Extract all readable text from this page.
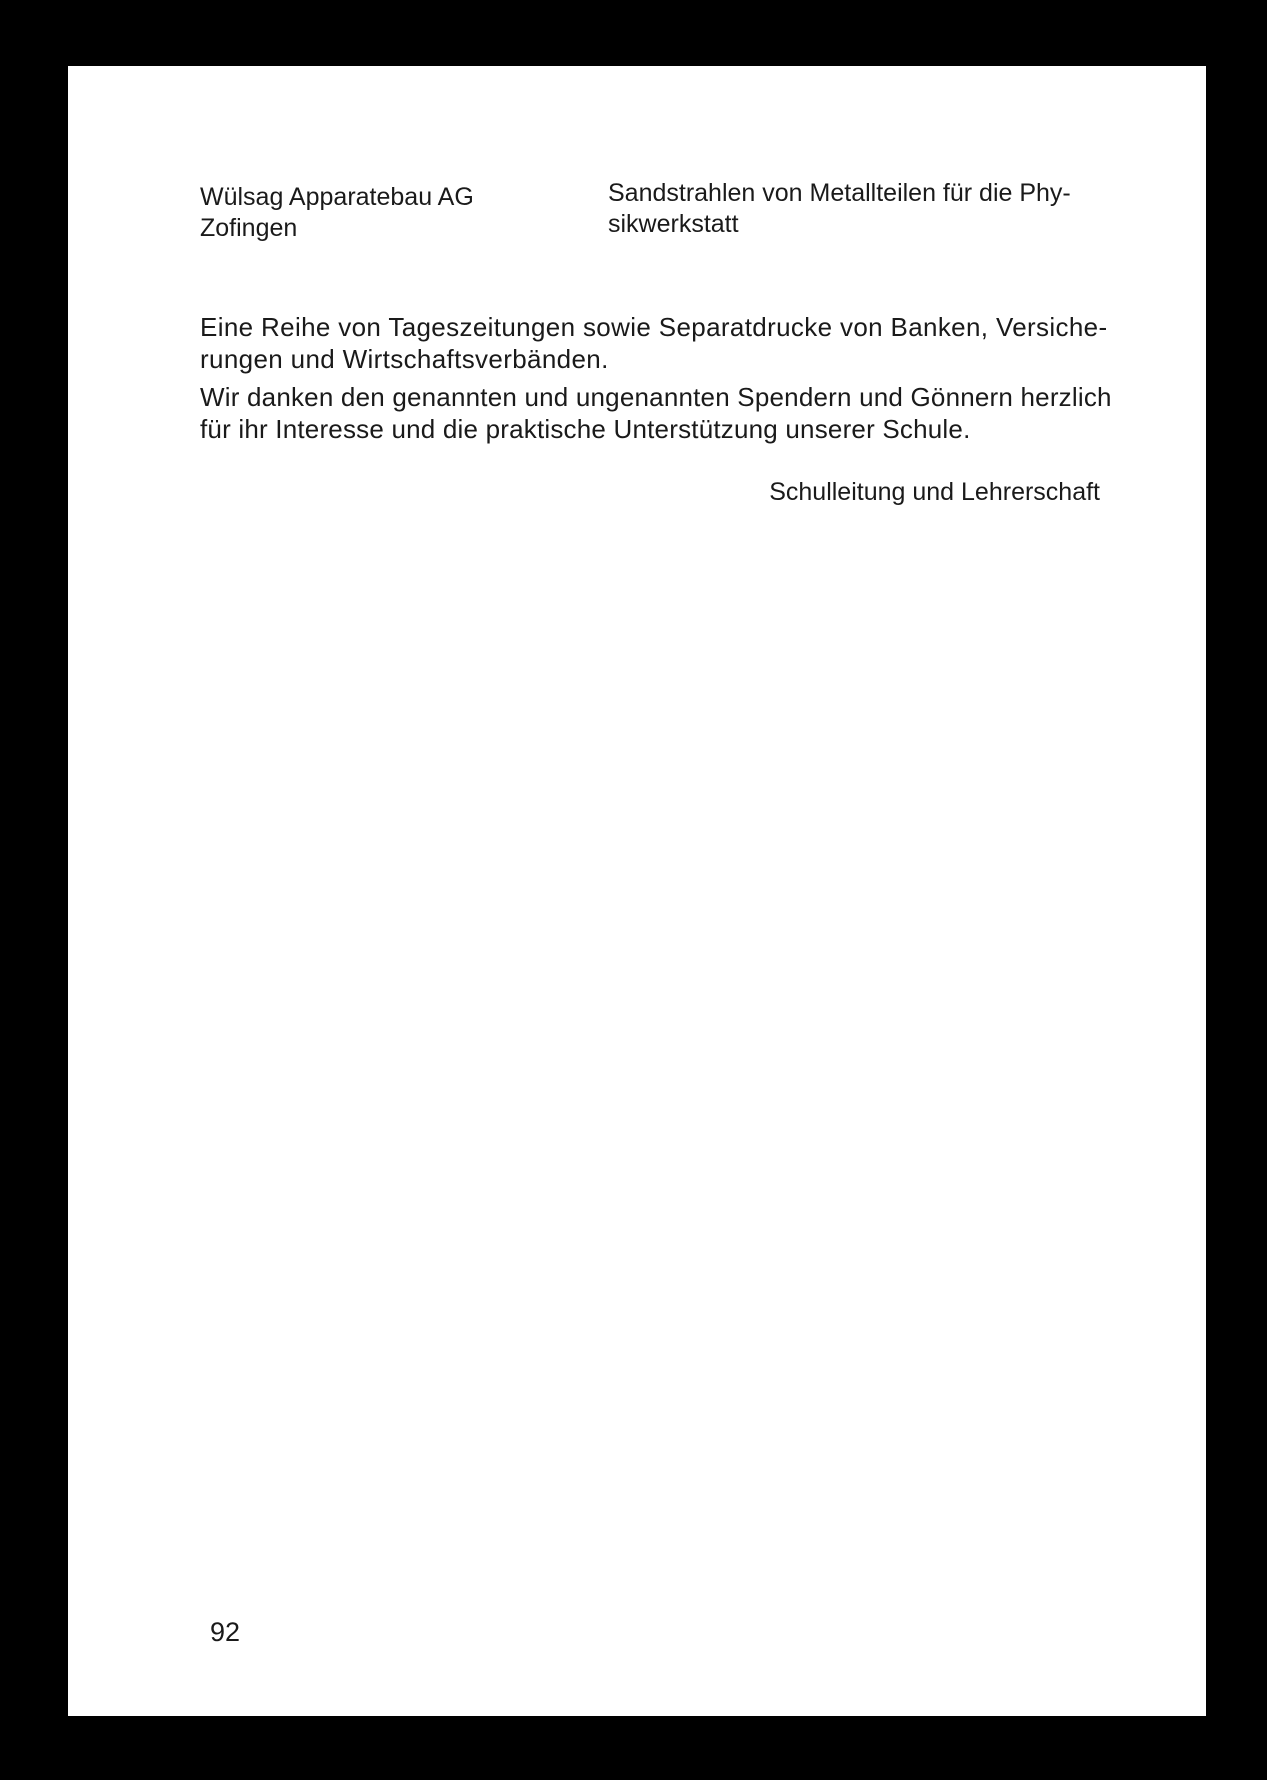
Wülsag Apparatebau AG
Zofingen
Sandstrahlen von Metallteilen für die Phy-
sikwerkstatt
Eine Reihe von Tageszeitungen sowie Separatdrucke von Banken, Versiche-
rungen und Wirtschaftsverbänden.
Wir danken den genannten und ungenannten Spendern und Gönnern herzlich
für ihr Interesse und die praktische Unterstützung unserer Schule.
Schulleitung und Lehrerschaft
92
